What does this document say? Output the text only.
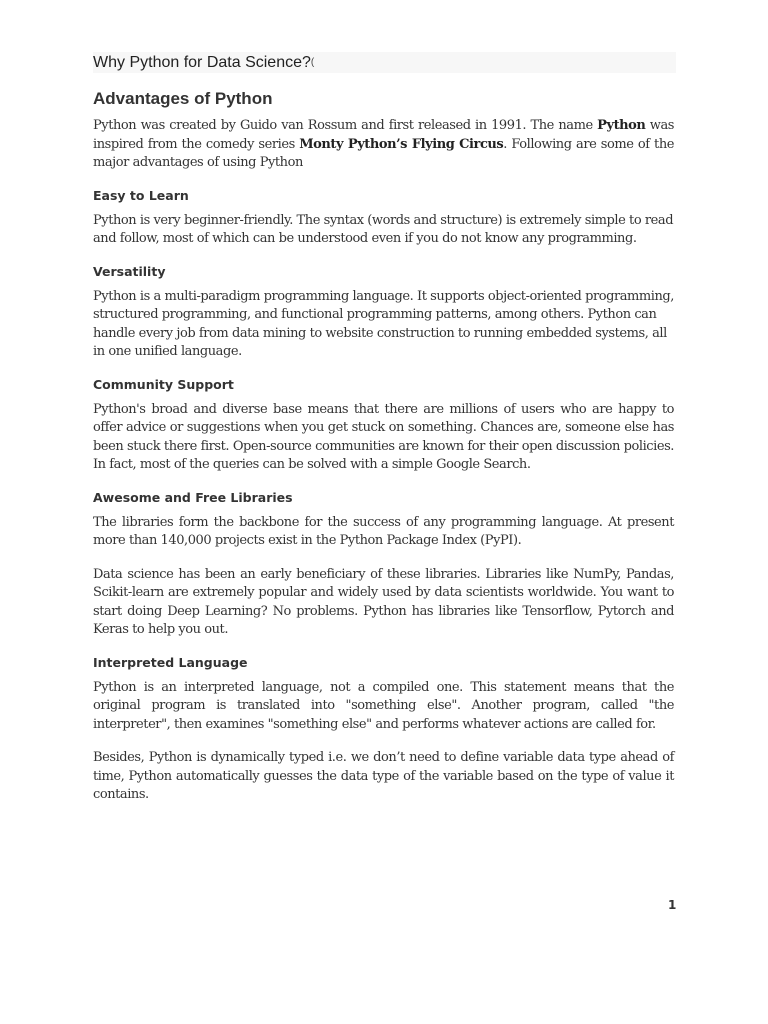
Why Python for Data Science? (
Advantages of Python

Python was created by Guido van Rossum and first released in 1991. The name Python was inspired from the comedy series Monty Python’s Flying Circus. Following are some of the major advantages of using Python

Easy to Learn

Python is very beginner-friendly. The syntax (words and structure) is extremely simple to read and follow, most of which can be understood even if you do not know any programming.

Versatility

Python is a multi-paradigm programming language. It supports object-oriented programming, structured programming, and functional programming patterns, among others. Python can handle every job from data mining to website construction to running embedded systems, all in one unified language.

Community Support

Python's broad and diverse base means that there are millions of users who are happy to offer advice or suggestions when you get stuck on something. Chances are, someone else has been stuck there first. Open-source communities are known for their open discussion policies. In fact, most of the queries can be solved with a simple Google Search.

Awesome and Free Libraries

The libraries form the backbone for the success of any programming language. At present more than 140,000 projects exist in the Python Package Index (PyPI).

Data science has been an early beneficiary of these libraries. Libraries like NumPy, Pandas, Scikit-learn are extremely popular and widely used by data scientists worldwide. You want to start doing Deep Learning? No problems. Python has libraries like Tensorflow, Pytorch and Keras to help you out.

Interpreted Language

Python is an interpreted language, not a compiled one. This statement means that the original program is translated into "something else". Another program, called "the interpreter", then examines "something else" and performs whatever actions are called for.

Besides, Python is dynamically typed i.e. we don’t need to define variable data type ahead of time, Python automatically guesses the data type of the variable based on the type of value it contains.

1
